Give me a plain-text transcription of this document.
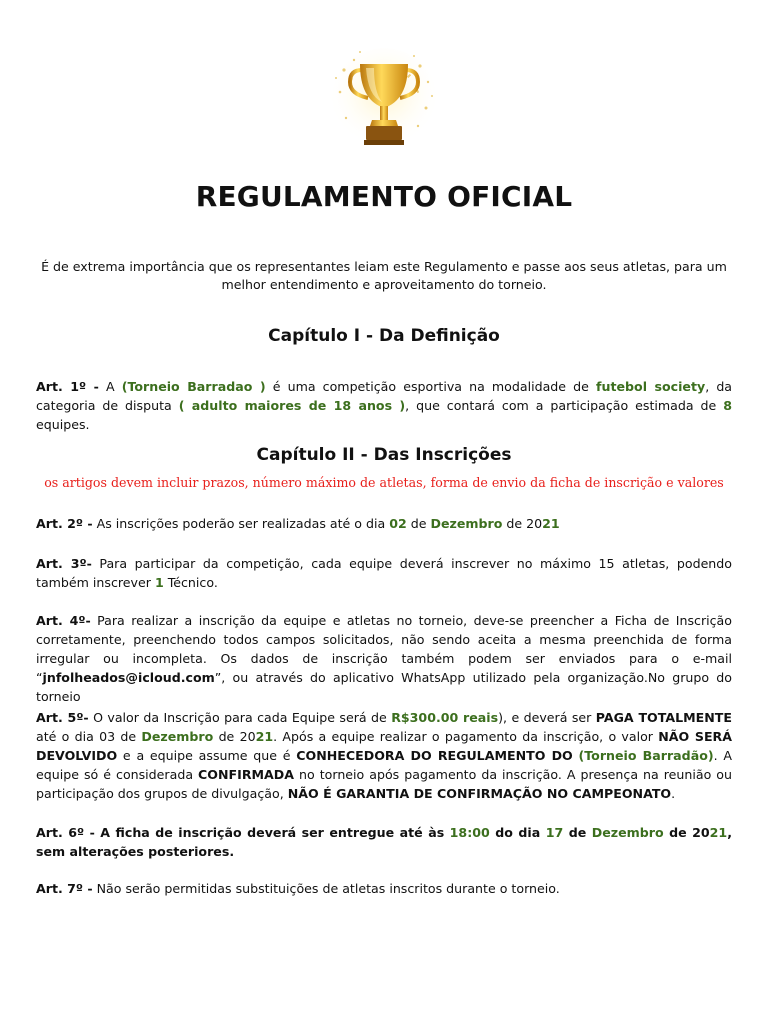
REGULAMENTO OFICIAL
É de extrema importância que os representantes leiam este Regulamento e passe aos seus atletas, para um melhor entendimento e aproveitamento do torneio.
Capítulo I - Da Definição
Art. 1º - A (Torneio Barradao ) é uma competição esportiva na modalidade de futebol society, da categoria de disputa ( adulto maiores de 18 anos ), que contará com a participação estimada de 8 equipes.
Capítulo II - Das Inscrições
os artigos devem incluir prazos, número máximo de atletas, forma de envio da ficha de inscrição e valores
Art. 2º - As inscrições poderão ser realizadas até o dia 02 de Dezembro de 2021
Art. 3º- Para participar da competição, cada equipe deverá inscrever no máximo 15 atletas, podendo também inscrever 1 Técnico.
Art. 4º- Para realizar a inscrição da equipe e atletas no torneio, deve-se preencher a Ficha de Inscrição corretamente, preenchendo todos campos solicitados, não sendo aceita a mesma preenchida de forma irregular ou incompleta. Os dados de inscrição também podem ser enviados para o e-mail “jnfolheados@icloud.com”, ou através do aplicativo WhatsApp utilizado pela organização.No grupo do torneio
Art. 5º- O valor da Inscrição para cada Equipe será de R$300.00 reais), e deverá ser PAGA TOTALMENTE até o dia 03 de Dezembro de 2021. Após a equipe realizar o pagamento da inscrição, o valor NÃO SERÁ DEVOLVIDO e a equipe assume que é CONHECEDORA DO REGULAMENTO DO (Torneio Barradão). A equipe só é considerada CONFIRMADA no torneio após pagamento da inscrição. A presença na reunião ou participação dos grupos de divulgação, NÃO É GARANTIA DE CONFIRMAÇÃO NO CAMPEONATO.
Art. 6º - A ficha de inscrição deverá ser entregue até às 18:00 do dia 17 de Dezembro de 2021, sem alterações posteriores.
Art. 7º - Não serão permitidas substituições de atletas inscritos durante o torneio.
